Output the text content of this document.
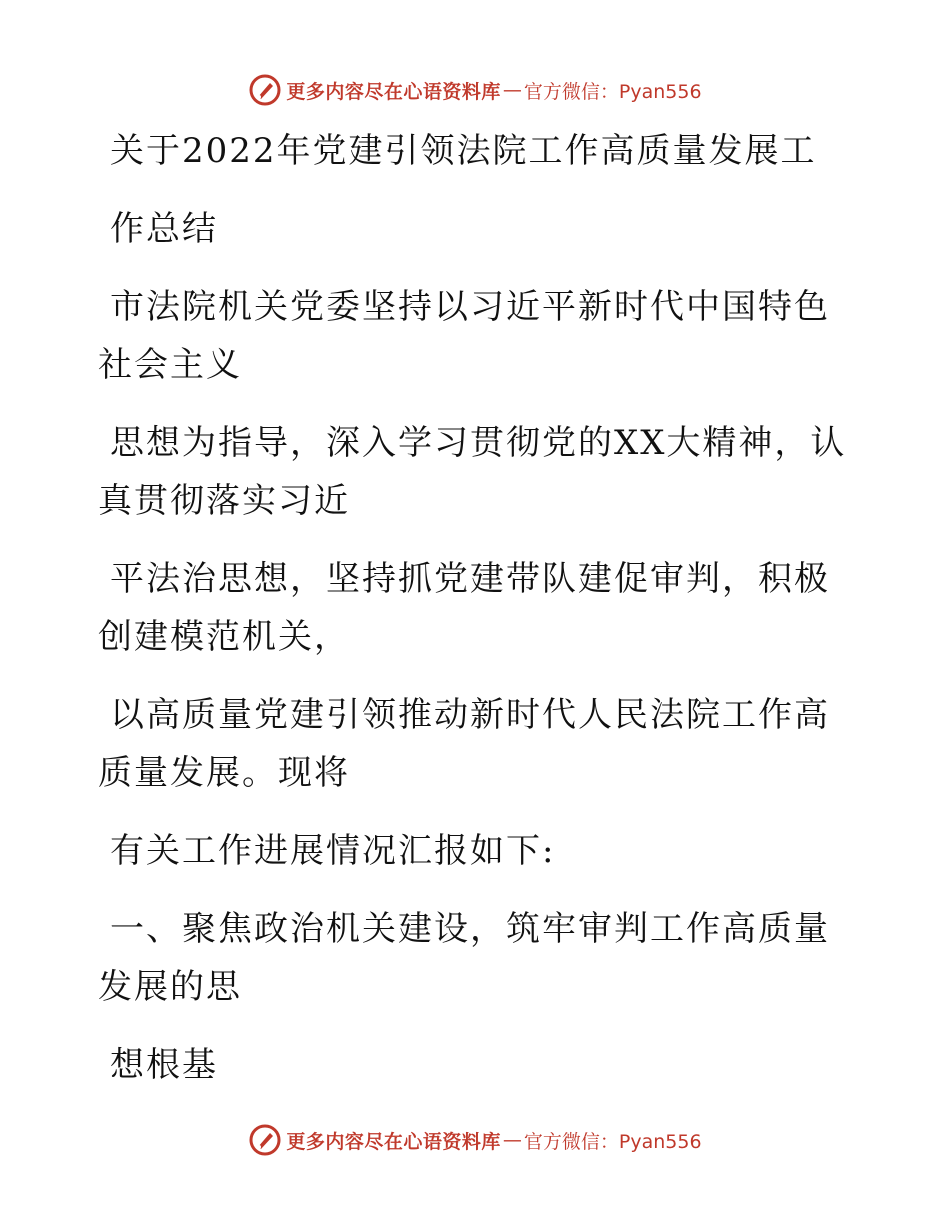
更多内容尽在心语资料库 — 官方微信：Pyan556

关于2022年党建引领法院工作高质量发展工

作总结

市法院机关党委坚持以习近平新时代中国特色社会主义

思想为指导，深入学习贯彻党的XX大精神，认真贯彻落实习近

平法治思想，坚持抓党建带队建促审判，积极创建模范机关，

以高质量党建引领推动新时代人民法院工作高质量发展。现将

有关工作进展情况汇报如下:

一、聚焦政治机关建设，筑牢审判工作高质量发展的思

想根基

更多内容尽在心语资料库 — 官方微信：Pyan556
